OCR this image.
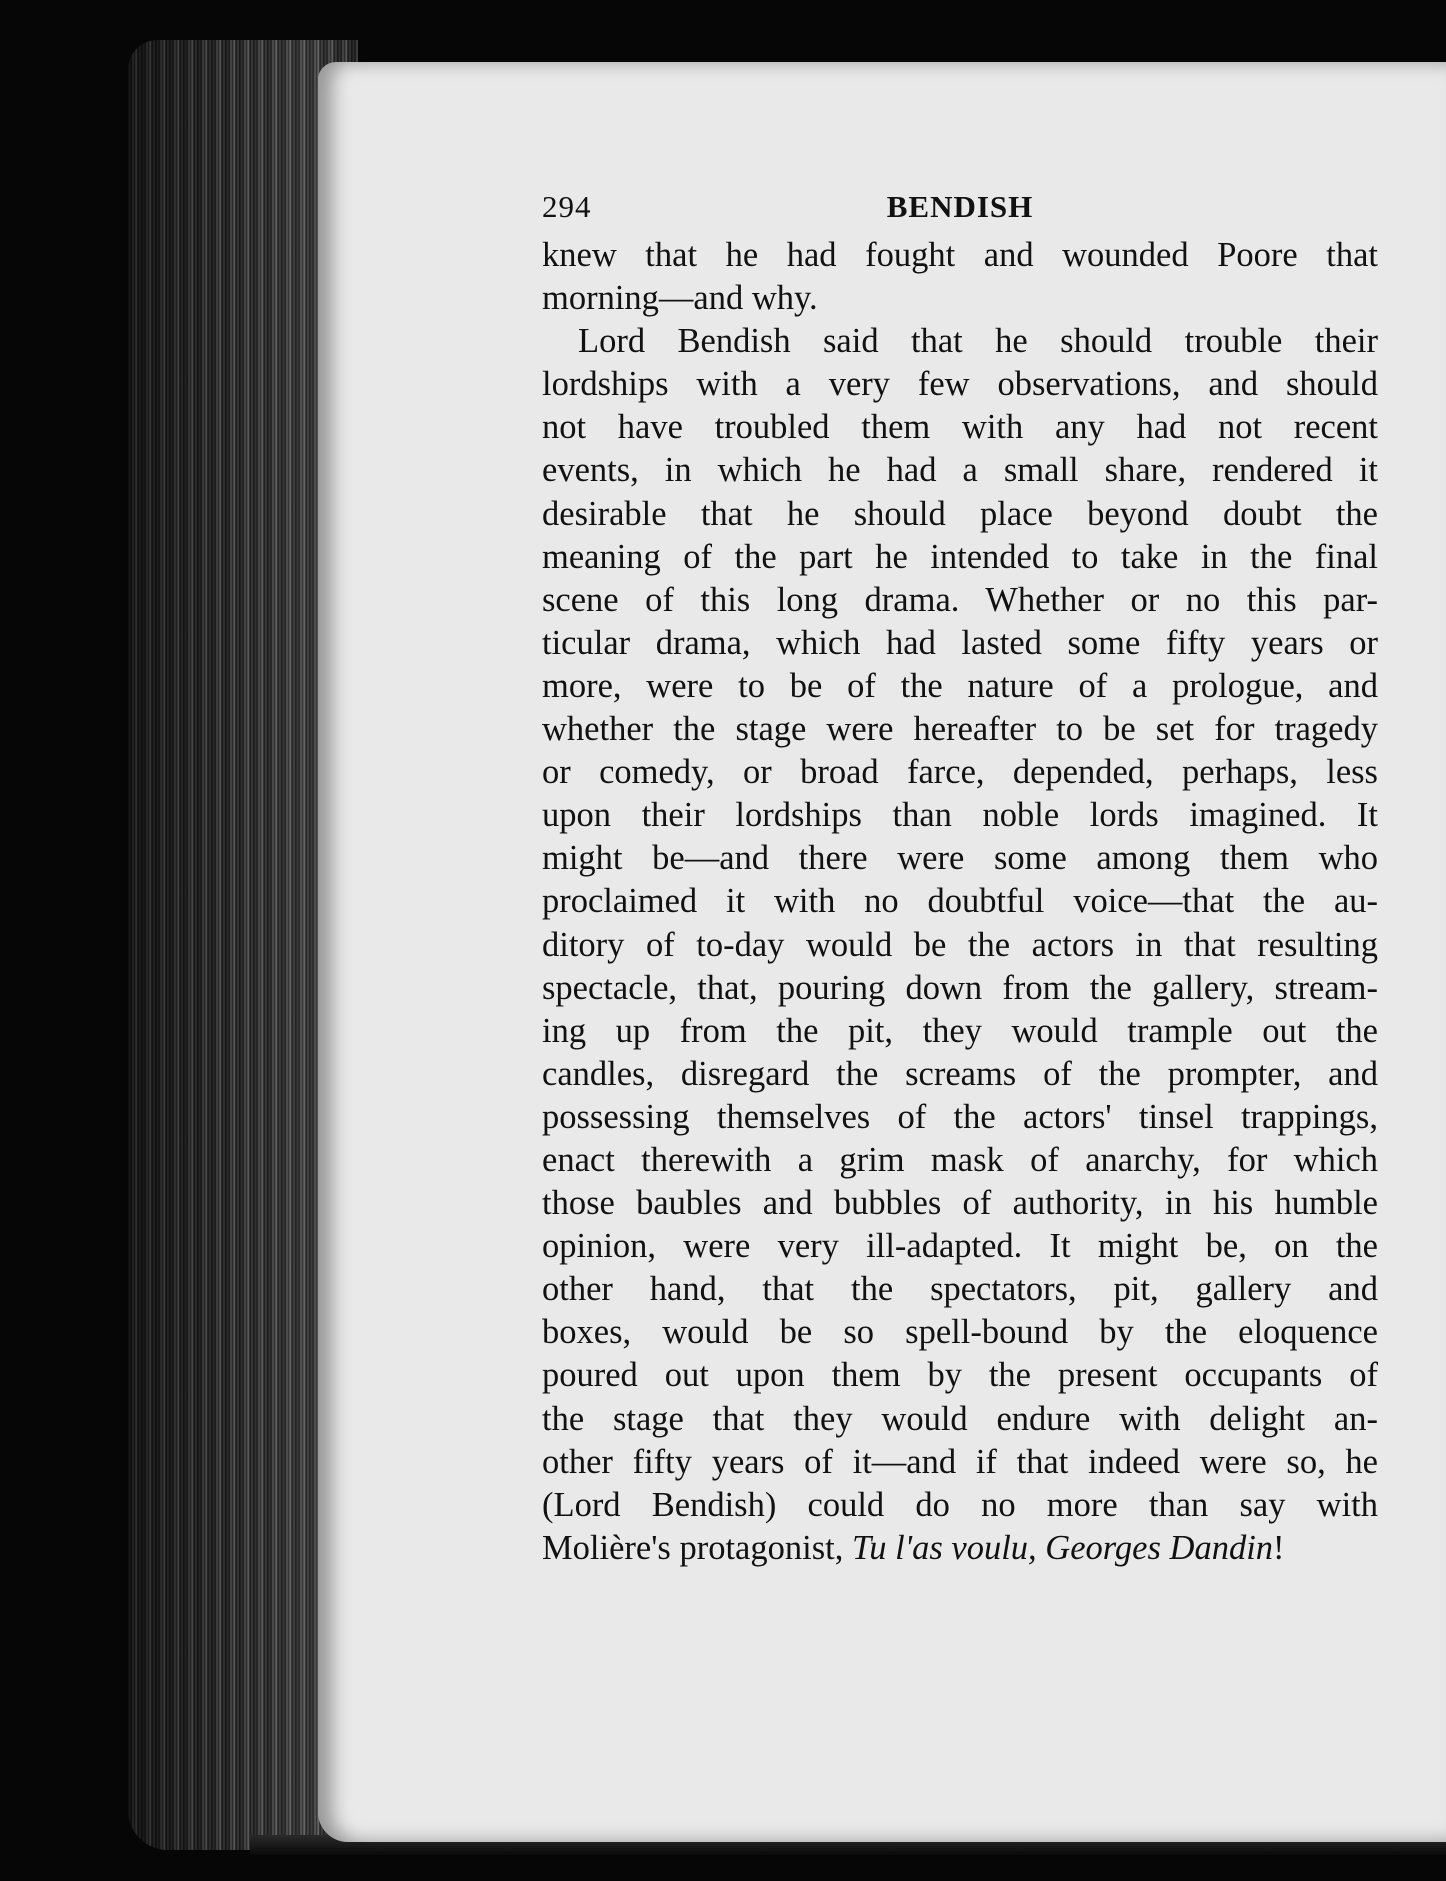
294	BENDISH
knew that he had fought and wounded Poore that
morning—and why.
Lord Bendish said that he should trouble their
lordships with a very few observations, and should
not have troubled them with any had not recent
events, in which he had a small share, rendered it
desirable that he should place beyond doubt the
meaning of the part he intended to take in the final
scene of this long drama. Whether or no this par-
ticular drama, which had lasted some fifty years or
more, were to be of the nature of a prologue, and
whether the stage were hereafter to be set for tragedy
or comedy, or broad farce, depended, perhaps, less
upon their lordships than noble lords imagined. It
might be—and there were some among them who
proclaimed it with no doubtful voice—that the au-
ditory of to-day would be the actors in that resulting
spectacle, that, pouring down from the gallery, stream-
ing up from the pit, they would trample out the
candles, disregard the screams of the prompter, and
possessing themselves of the actors' tinsel trappings,
enact therewith a grim mask of anarchy, for which
those baubles and bubbles of authority, in his humble
opinion, were very ill-adapted. It might be, on the
other hand, that the spectators, pit, gallery and
boxes, would be so spell-bound by the eloquence
poured out upon them by the present occupants of
the stage that they would endure with delight an-
other fifty years of it—and if that indeed were so, he
(Lord Bendish) could do no more than say with
Molière's protagonist, Tu l'as voulu, Georges Dandin!
